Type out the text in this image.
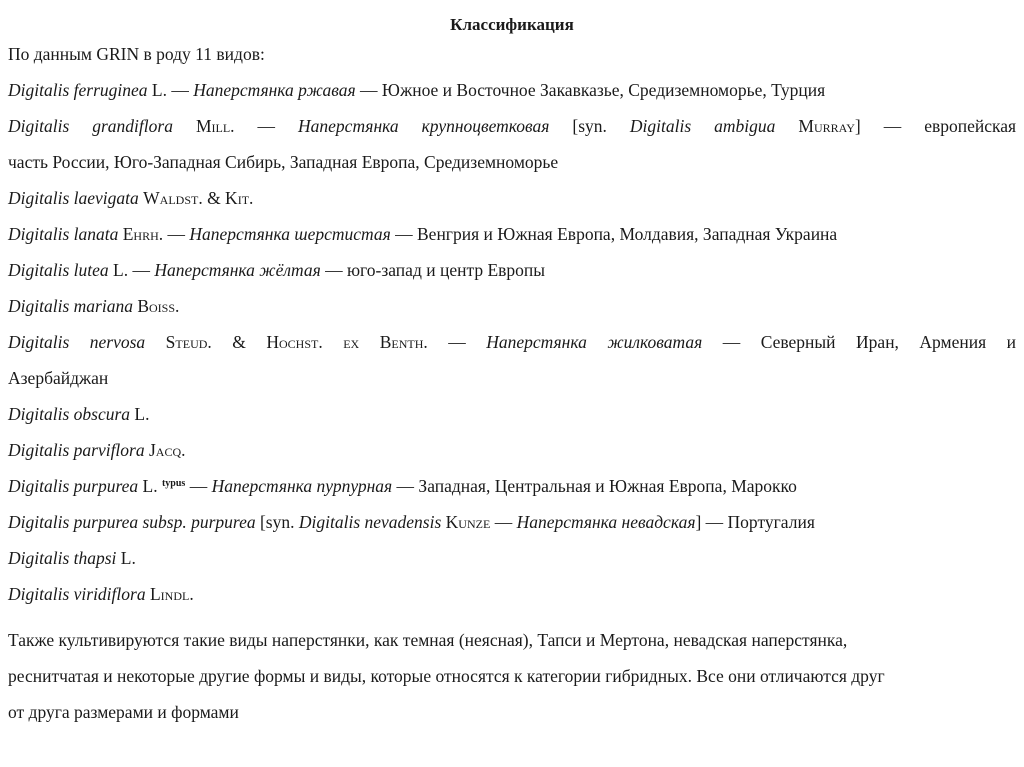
Классификация

По данным GRIN в роду 11 видов:

Digitalis ferruginea L. — Наперстянка ржавая — Южное и Восточное Закавказье, Средиземноморье, Турция

Digitalis grandiflora Mill. — Наперстянка крупноцветковая [syn. Digitalis ambigua Murray] — европейская

часть России, Юго-Западная Сибирь, Западная Европа, Средиземноморье

Digitalis laevigata Waldst. & Kit.

Digitalis lanata Ehrh. — Наперстянка шерстистая — Венгрия и Южная Европа, Молдавия, Западная Украина

Digitalis lutea L. — Наперстянка жёлтая — юго-запад и центр Европы

Digitalis mariana Boiss.

Digitalis nervosa Steud. & Hochst. ex Benth. — Наперстянка жилковатая — Северный Иран, Армения и

Азербайджан

Digitalis obscura L.

Digitalis parviflora Jacq.

Digitalis purpurea L. $^{typus}$ — Наперстянка пурпурная — Западная, Центральная и Южная Европа, Марокко

Digitalis purpurea subsp. purpurea [syn. Digitalis nevadensis Kunze — Наперстянка невадская] — Португалия

Digitalis thapsi L.

Digitalis viridiflora Lindl.

Также культивируются такие виды наперстянки, как темная (неясная), Тапси и Мертона, невадская наперстянка,

реснитчатая и некоторые другие формы и виды, которые относятся к категории гибридных. Все они отличаются друг

от друга размерами и формами
